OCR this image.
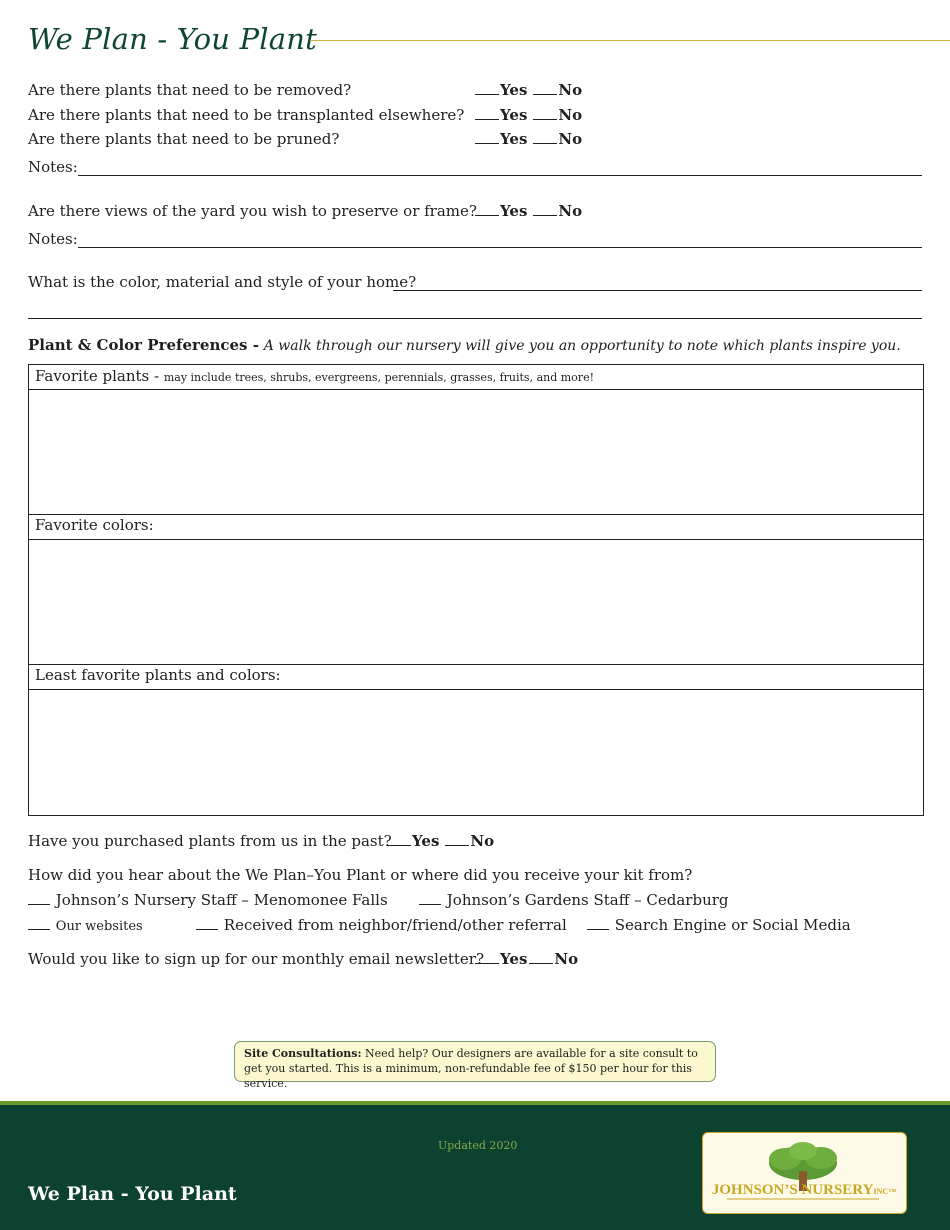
We Plan - You Plant
Are there plants that need to be removed?	Yes No
Are there plants that need to be transplanted elsewhere?	Yes No
Are there plants that need to be pruned?	Yes No
Notes:
Are there views of the yard you wish to preserve or frame?	Yes No
Notes:
What is the color, material and style of your home?
Plant & Color Preferences - A walk through our nursery will give you an opportunity to note which plants inspire you.
Favorite plants - may include trees, shrubs, evergreens, perennials, grasses, fruits, and more!
Favorite colors:
Least favorite plants and colors:
Have you purchased plants from us in the past?	Yes No
How did you hear about the We Plan–You Plant or where did you receive your kit from?
Johnson’s Nursery Staff – Menomonee Falls	Johnson’s Gardens Staff – Cedarburg
Our websites	Received from neighbor/friend/other referral	Search Engine or Social Media
Would you like to sign up for our monthly email newsletter?	Yes No
Site Consultations: Need help? Our designers are available for a site consult to get you started. This is a minimum, non-refundable fee of $150 per hour for this service.
Updated 2020
We Plan - You Plant	JOHNSON’S NURSERYINC™
